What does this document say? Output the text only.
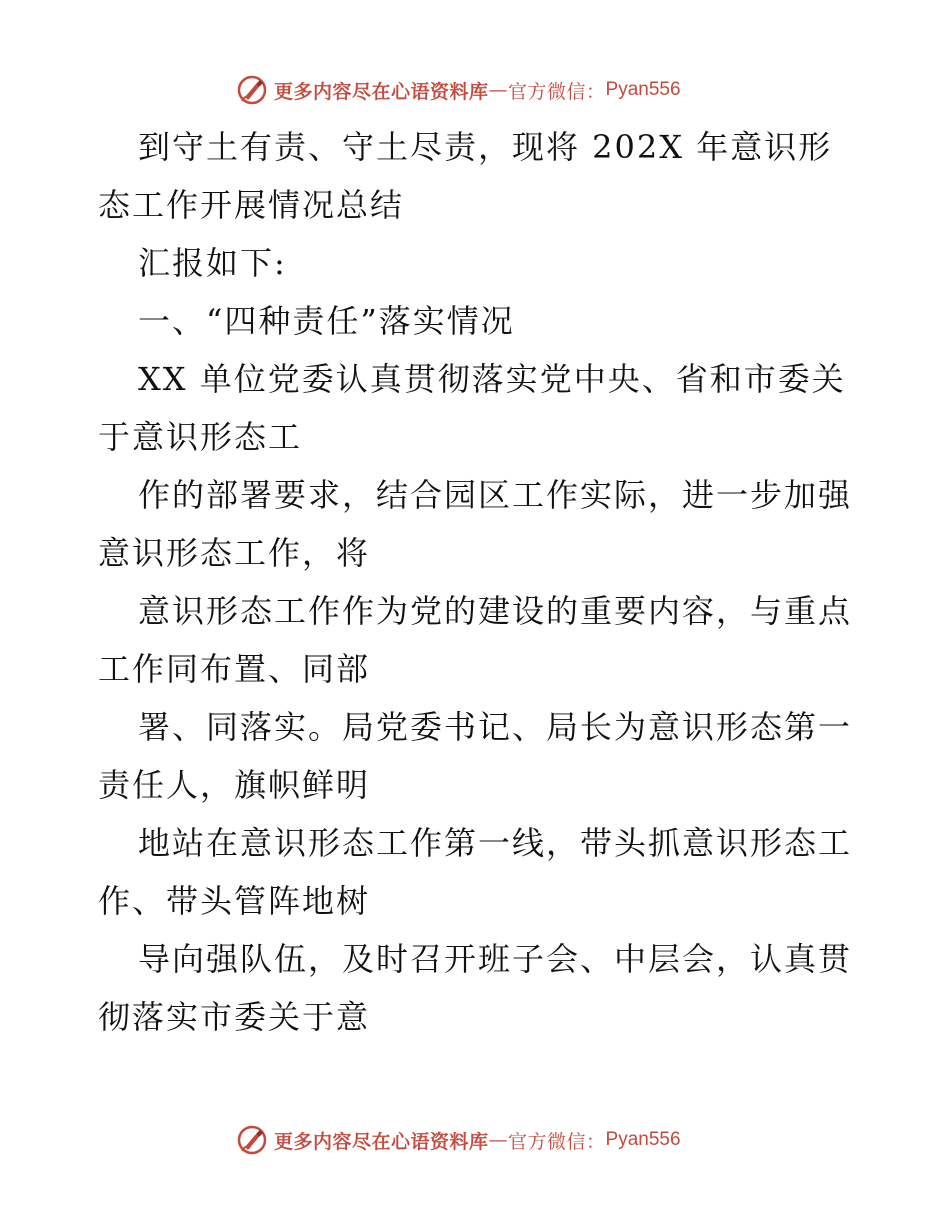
更多内容尽在心语资料库 — 官方微信： Pyan556

到守土有责、守土尽责，现将 202X 年意识形态工作开展情况总结

汇报如下:

一、“四种责任”落实情况

XX 单位党委认真贯彻落实党中央、省和市委关于意识形态工

作的部署要求，结合园区工作实际，进一步加强意识形态工作，将

意识形态工作作为党的建设的重要内容，与重点工作同布置、同部

署、同落实。局党委书记、局长为意识形态第一责任人，旗帜鲜明

地站在意识形态工作第一线，带头抓意识形态工作、带头管阵地树

导向强队伍，及时召开班子会、中层会，认真贯彻落实市委关于意

更多内容尽在心语资料库 — 官方微信： Pyan556
